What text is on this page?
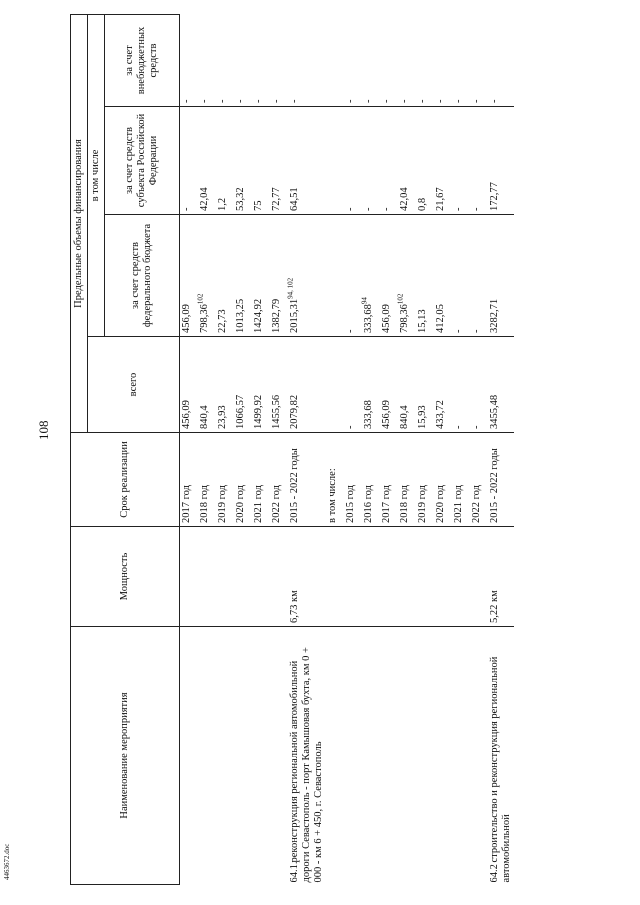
108
4463672.doc
Наименование мероприятия	Мощность	Срок реализации	Предельные объемы финансирования			
			всего	в том числе		
				за счет средств федерального бюджета	за счет средств субъекта Российской Федерации	за счет внебюджетных средств
		2017 год	456,09	456,09	-	-
		2018 год	840,4	798,36$^{102}$	42,04	-
		2019 год	23,93	22,73	1,2	-
		2020 год	1066,57	1013,25	53,32	-
		2021 год	1499,92	1424,92	75	-
		2022 год	1455,56	1382,79	72,77	-
64.1.реконструкция региональной автомобильной дороги Севастополь - порт Камышовая бухта, км 0 + 000 - км 6 + 450, г. Севастополь	6,73 км	2015 - 2022 годы	2079,82	2015,31$^{94, 102}$	64,51	-
		в том числе:				
		2015 год	-	-	-	-
		2016 год	333,68	333,68$^{94}$	-	-
		2017 год	456,09	456,09	-	-
		2018 год	840,4	798,36$^{102}$	42,04	-
		2019 год	15,93	15,13	0,8	-
		2020 год	433,72	412,05	21,67	-
		2021 год	-	-	-	-
		2022 год	-	-	-	-
64.2строительство и реконструкция региональной автомобильной	5,22 км	2015 - 2022 годы	3455,48	3282,71	172,77	-
